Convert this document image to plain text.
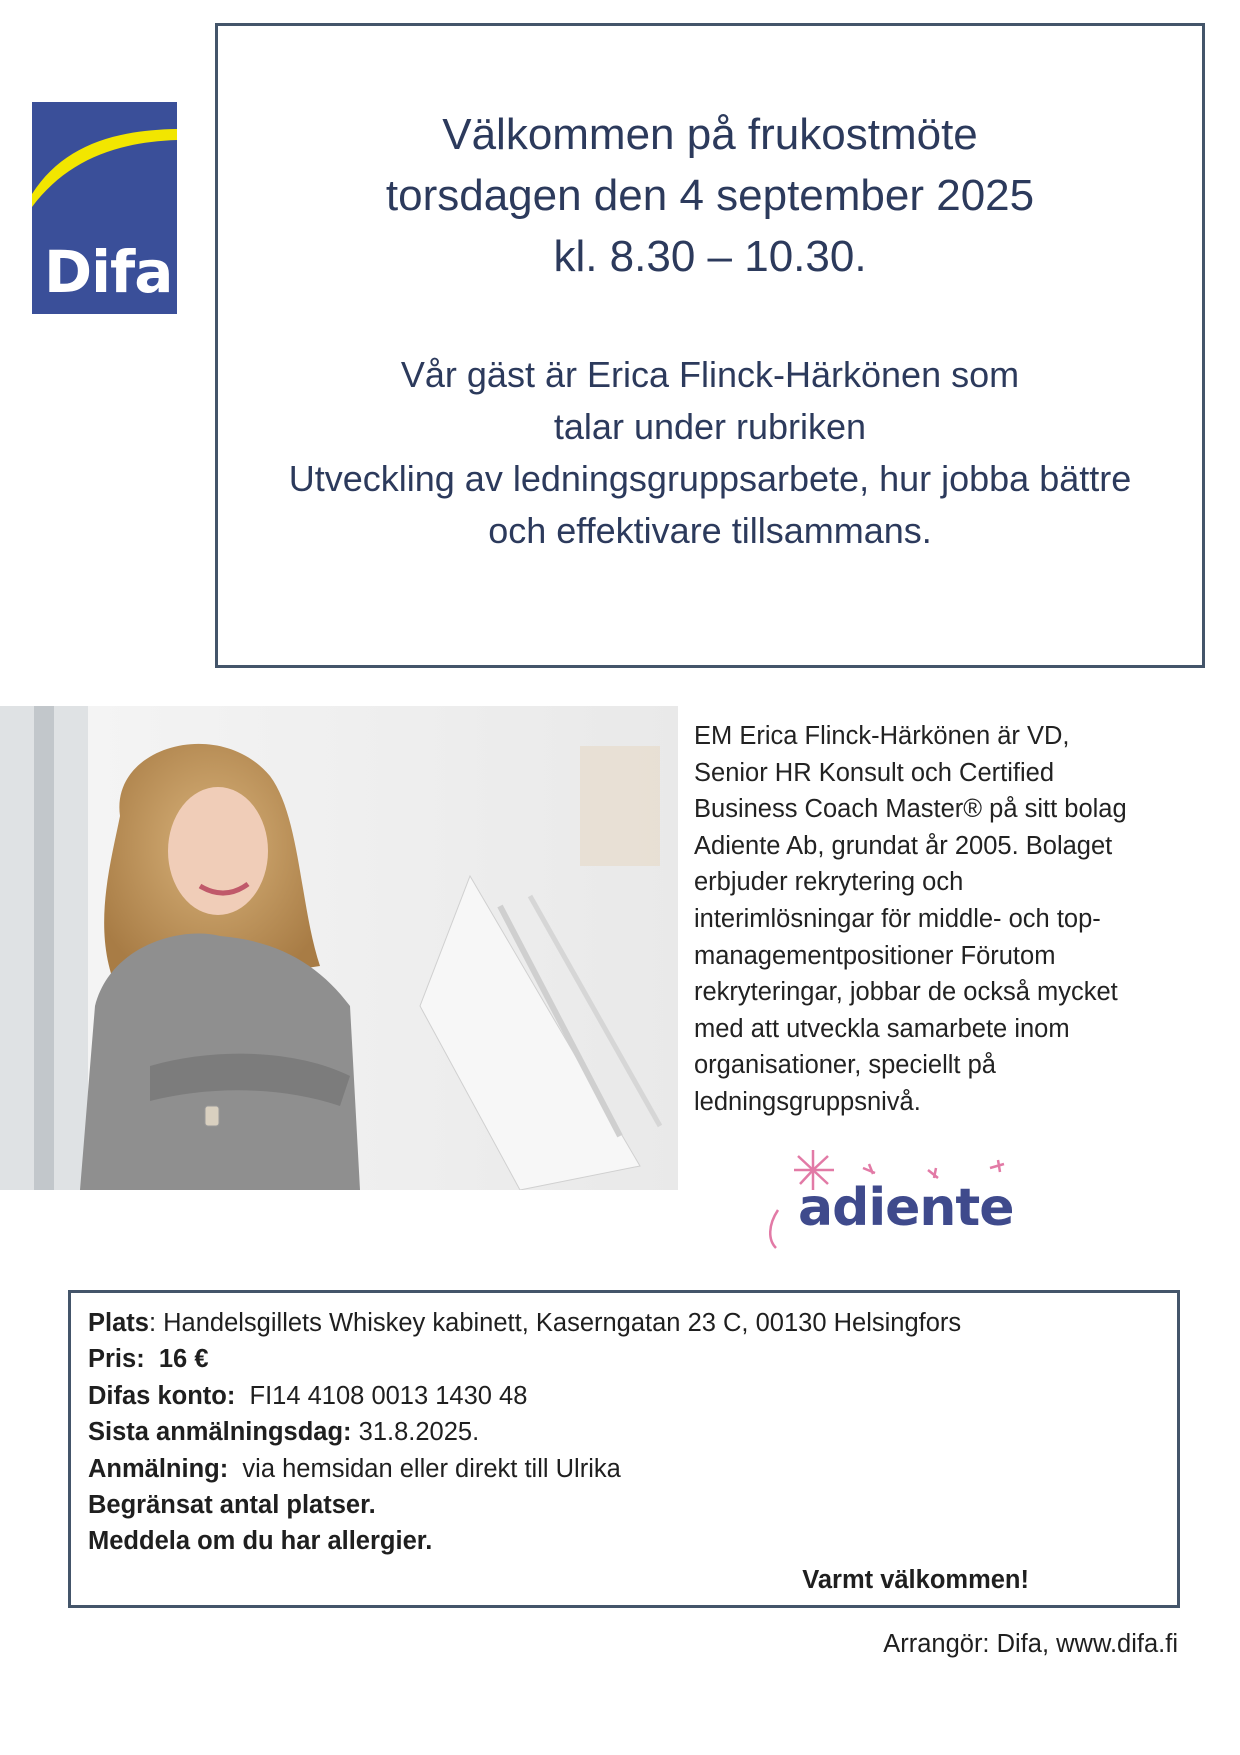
Difa
Välkommen på frukostmöte
torsdagen den 4 september 2025
kl. 8.30 – 10.30.
Vår gäst är Erica Flinck-Härkönen som
talar under rubriken
Utveckling av ledningsgruppsarbete, hur jobba bättre
och effektivare tillsammans.
EM Erica Flinck-Härkönen är VD,
Senior HR Konsult och Certified
Business Coach Master® på sitt bolag
Adiente Ab, grundat år 2005. Bolaget
erbjuder rekrytering och
interimlösningar för middle- och top-
managementpositioner Förutom
rekryteringar, jobbar de också mycket
med att utveckla samarbete inom
organisationer, speciellt på
ledningsgruppsnivå.
adiente
Plats: Handelsgillets Whiskey kabinett, Kaserngatan 23 C, 00130 Helsingfors
Pris: 16 €
Difas konto: FI14 4108 0013 1430 48
Sista anmälningsdag: 31.8.2025.
Anmälning: via hemsidan eller direkt till Ulrika
Begränsat antal platser.
Meddela om du har allergier.
Varmt välkommen!
Arrangör: Difa, www.difa.fi
